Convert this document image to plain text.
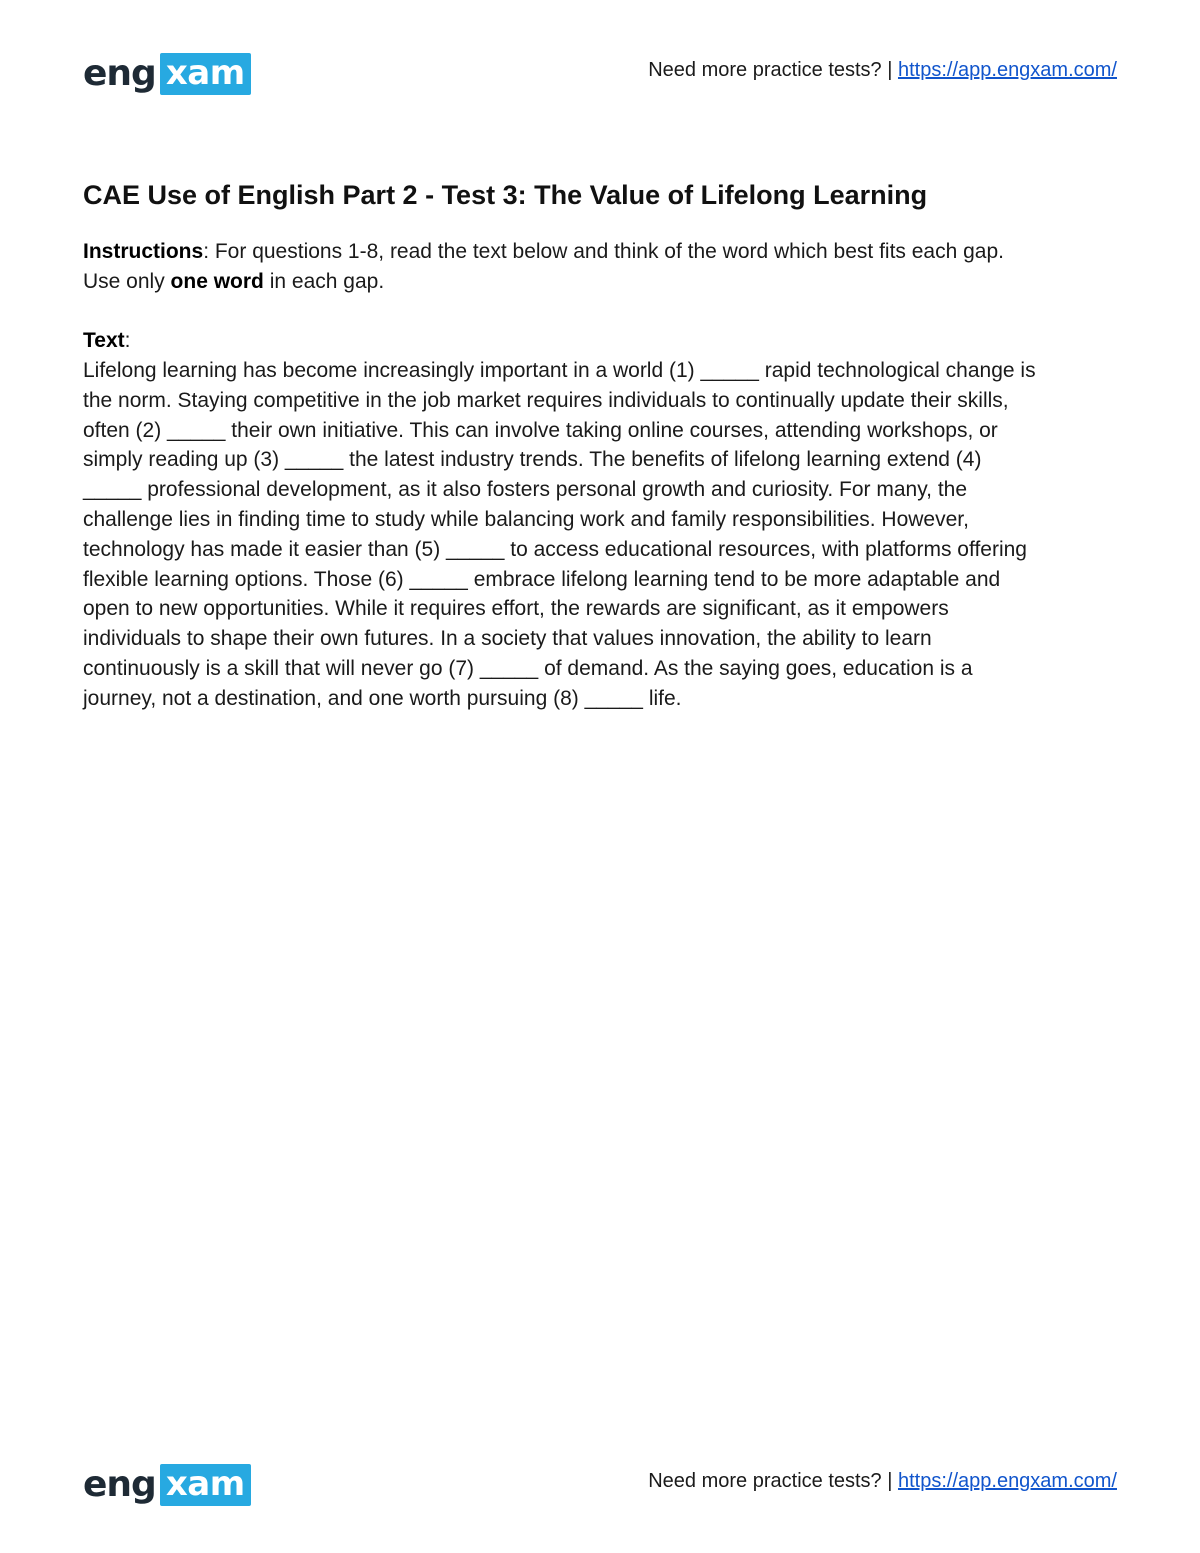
eng xam	Need more practice tests? | https://app.engxam.com/
CAE Use of English Part 2 - Test 3: The Value of Lifelong Learning

Instructions: For questions 1-8, read the text below and think of the word which best fits each gap.
Use only one word in each gap.

Text:

Lifelong learning has become increasingly important in a world (1) _____ rapid technological change is
the norm. Staying competitive in the job market requires individuals to continually update their skills,
often (2) _____ their own initiative. This can involve taking online courses, attending workshops, or
simply reading up (3) _____ the latest industry trends. The benefits of lifelong learning extend (4)
_____ professional development, as it also fosters personal growth and curiosity. For many, the
challenge lies in finding time to study while balancing work and family responsibilities. However,
technology has made it easier than (5) _____ to access educational resources, with platforms offering
flexible learning options. Those (6) _____ embrace lifelong learning tend to be more adaptable and
open to new opportunities. While it requires effort, the rewards are significant, as it empowers
individuals to shape their own futures. In a society that values innovation, the ability to learn
continuously is a skill that will never go (7) _____ of demand. As the saying goes, education is a
journey, not a destination, and one worth pursuing (8) _____ life.

eng xam	Need more practice tests? | https://app.engxam.com/
